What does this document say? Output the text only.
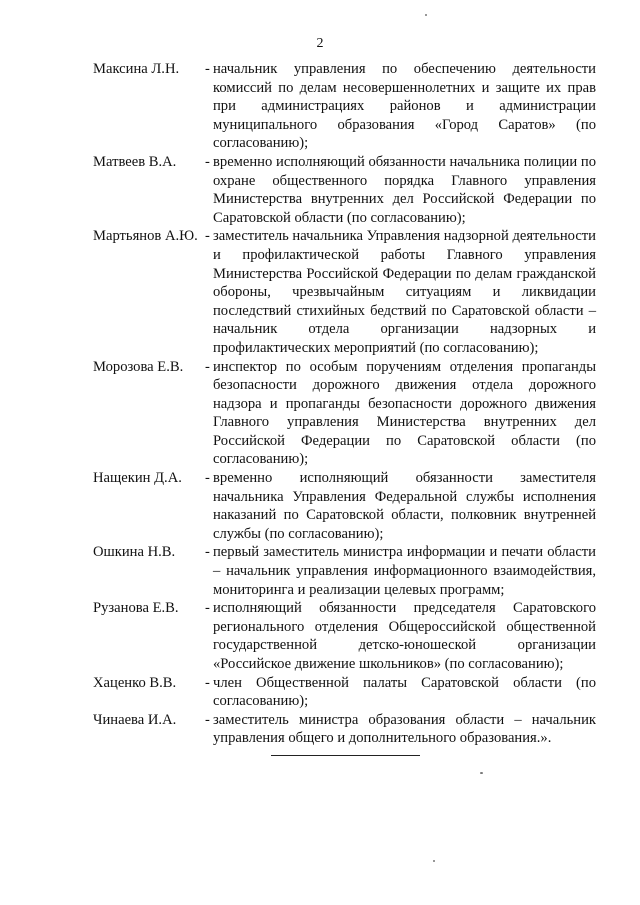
2
Максина Л.Н.	- начальник управления по обеспечению деятельности комиссий по делам несовершеннолетних и защите их прав при администрациях районов и администрации муниципального образования «Город Саратов» (по согласованию);
Матвеев В.А.	- временно исполняющий обязанности начальника полиции по охране общественного порядка Главного управления Министерства внутренних дел Российской Федерации по Саратовской области (по согласованию);
Мартьянов А.Ю. - заместитель начальника Управления надзорной деятельности и профилактической работы Главного управления Министерства Российской Федерации по делам гражданской обороны, чрезвычайным ситуациям и ликвидации последствий стихийных бедствий по Саратовской области – начальник отдела организации надзорных и профилактических мероприятий (по согласованию);
Морозова Е.В.	- инспектор по особым поручениям отделения пропаганды безопасности дорожного движения отдела дорожного надзора и пропаганды безопасности дорожного движения Главного управления Министерства внутренних дел Российской Федерации по Саратовской области (по согласованию);
Нащекин Д.А.	- временно исполняющий обязанности заместителя начальника Управления Федеральной службы исполнения наказаний по Саратовской области, полковник внутренней службы (по согласованию);
Ошкина Н.В.	- первый заместитель министра информации и печати области – начальник управления информационного взаимодействия, мониторинга и реализации целевых программ;
Рузанова Е.В.	- исполняющий обязанности председателя Саратовского регионального отделения Общероссийской общественной государственной детско-юношеской организации «Российское движение школьников» (по согласованию);
Хаценко В.В.	- член Общественной палаты Саратовской области (по согласованию);
Чинаева И.А.	- заместитель министра образования области – начальник управления общего и дополнительного образования.».
